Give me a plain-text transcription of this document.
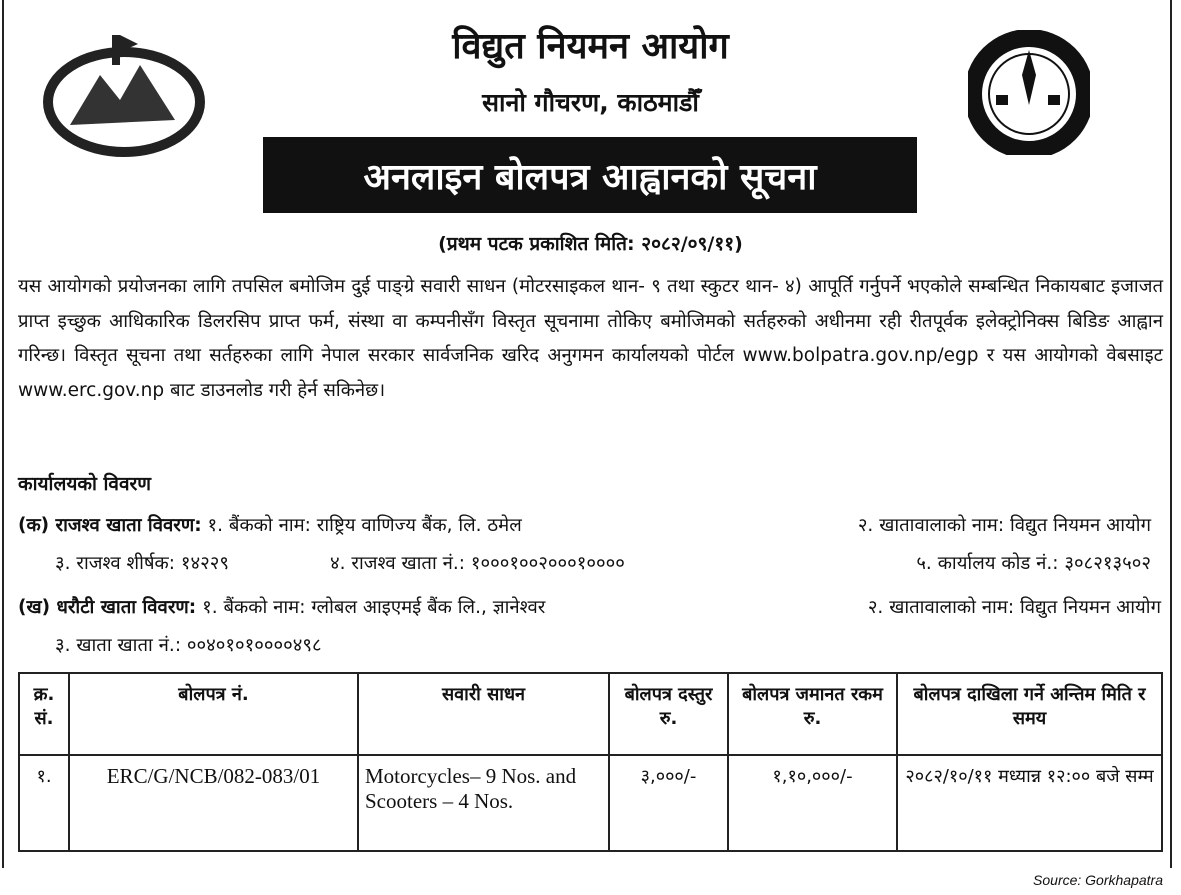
विद्युत नियमन आयोग
सानो गौचरण, काठमाडौँ
अनलाइन बोलपत्र आह्वानको सूचना
(प्रथम पटक प्रकाशित मिति: २०८२/०९/११)
यस आयोगको प्रयोजनका लागि तपसिल बमोजिम दुई पाङ्ग्रे सवारी साधन (मोटरसाइकल थान- ९ तथा स्कुटर थान- ४) आपूर्ति गर्नुपर्ने भएकोले सम्बन्धित निकायबाट इजाजत प्राप्त इच्छुक आधिकारिक डिलरसिप प्राप्त फर्म, संस्था वा कम्पनीसँग विस्तृत सूचनामा तोकिए बमोजिमको सर्तहरुको अधीनमा रही रीतपूर्वक इलेक्ट्रोनिक्स बिडिङ आह्वान गरिन्छ। विस्तृत सूचना तथा सर्तहरुका लागि नेपाल सरकार सार्वजनिक खरिद अनुगमन कार्यालयको पोर्टल www.bolpatra.gov.np/egp र यस आयोगको वेबसाइट www.erc.gov.np बाट डाउनलोड गरी हेर्न सकिनेछ।
कार्यालयको विवरण
(क) राजश्व खाता विवरण: १. बैंकको नाम: राष्ट्रिय वाणिज्य बैंक, लि. ठमेल	२. खातावालाको नाम: विद्युत नियमन आयोग
३. राजश्व शीर्षक: १४२२९	४. राजश्व खाता नं.: १०००१००२०००१००००	५. कार्यालय कोड नं.: ३०८२१३५०२
(ख) धरौटी खाता विवरण: १. बैंकको नाम: ग्लोबल आइएमई बैंक लि., ज्ञानेश्वर	२. खातावालाको नाम: विद्युत नियमन आयोग
३. खाता खाता नं.: ००४०१०१००००४९८
क्र. सं.	बोलपत्र नं.	सवारी साधन	बोलपत्र दस्तुर रु.	बोलपत्र जमानत रकम रु.	बोलपत्र दाखिला गर्ने अन्तिम मिति र समय
१.	ERC/G/NCB/082-083/01	Motorcycles– 9 Nos. and Scooters – 4 Nos.	३,०००/-	१,१०,०००/-	२०८२/१०/११ मध्यान्न १२:०० बजे सम्म
Source: Gorkhapatra
